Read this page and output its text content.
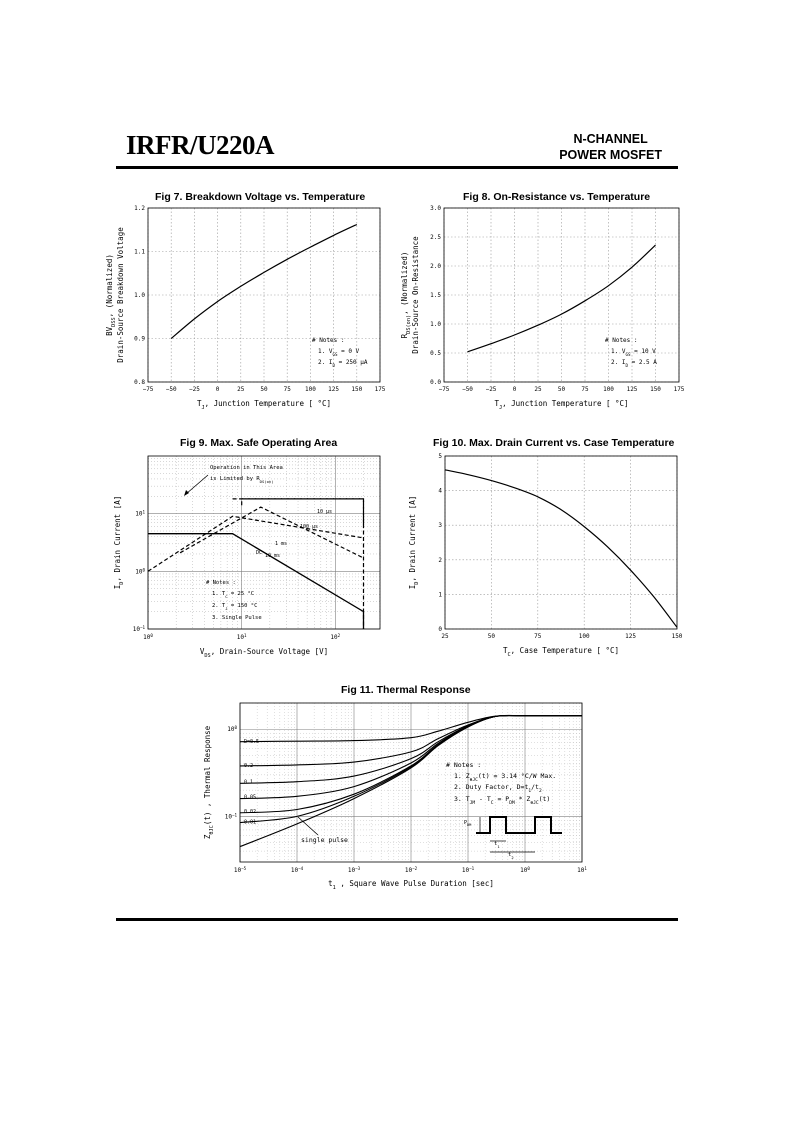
IRFR/U220A	N-CHANNEL
POWER MOSFET
Fig 7. Breakdown Voltage vs. Temperature
−75 −50 −25	0	25	50	75 100 125 150 175
0.8
0.9
1.0
1.1
1.2
# Notes :
1. $V_{GS} = 0$ V
2. $I_D = 250$ μA
$T_J$, Junction Temperature [ °C]
$BV_{DSS}$, (Normalized) Drain-Source Breakdown Voltage
Fig 8. On-Resistance vs. Temperature
−75 −50 −25	0	25	50	75 100 125 150 175
0.0
0.5
1.0
1.5
2.0
2.5
3.0
# Notes :
1. $V_{GS} = 10$ V
2. $I_D = 2.5$ A
$T_J$, Junction Temperature [ °C]
$R_{DS(on)}$, (Normalized) Drain-Source On-Resistance
Fig 9. Max. Safe Operating Area
$10^0$	$10^1$	$10^2$
$10^{-1}$
$10^0$
$10^1$	10 μs
100 μs
1 ms
10 ms
DC
Operation in This Area
is Limited by $R_{DS(on)}$
# Notes :
1. $T_C = 25$ °C
2. $T_J = 150$ °C
3. Single Pulse
$V_{DS}$, Drain-Source Voltage [V]
$I_D$, Drain Current [A]
Fig 10. Max. Drain Current vs. Case Temperature
25	50	75	100	125	150
0
1
2
3
4
5
$T_C$, Case Temperature [ °C]
$I_D$, Drain Current [A]
Fig 11. Thermal Response
$10^{-5}$	$10^{-4}$	$10^{-3}$	$10^{-2}$	$10^{-1}$	$10^0$	$10^1$
$10^{-1}$
$10^0$
D=0.5
0.2
0.1
0.05
0.02
0.01
single pulse
# Notes :
1. $Z_{\theta JC}(t) = 3.14$ °C/W Max.
2. Duty Factor, $D=t_1/t_2$
3. $T_{JM} - T_C = P_{DM} * Z_{\theta JC}(t)$
$P_{DM}$
$t_1$
$t_2$
$t_1$ , Square Wave Pulse Duration [sec]
$Z_{\theta JC}(t)$ , Thermal Response
